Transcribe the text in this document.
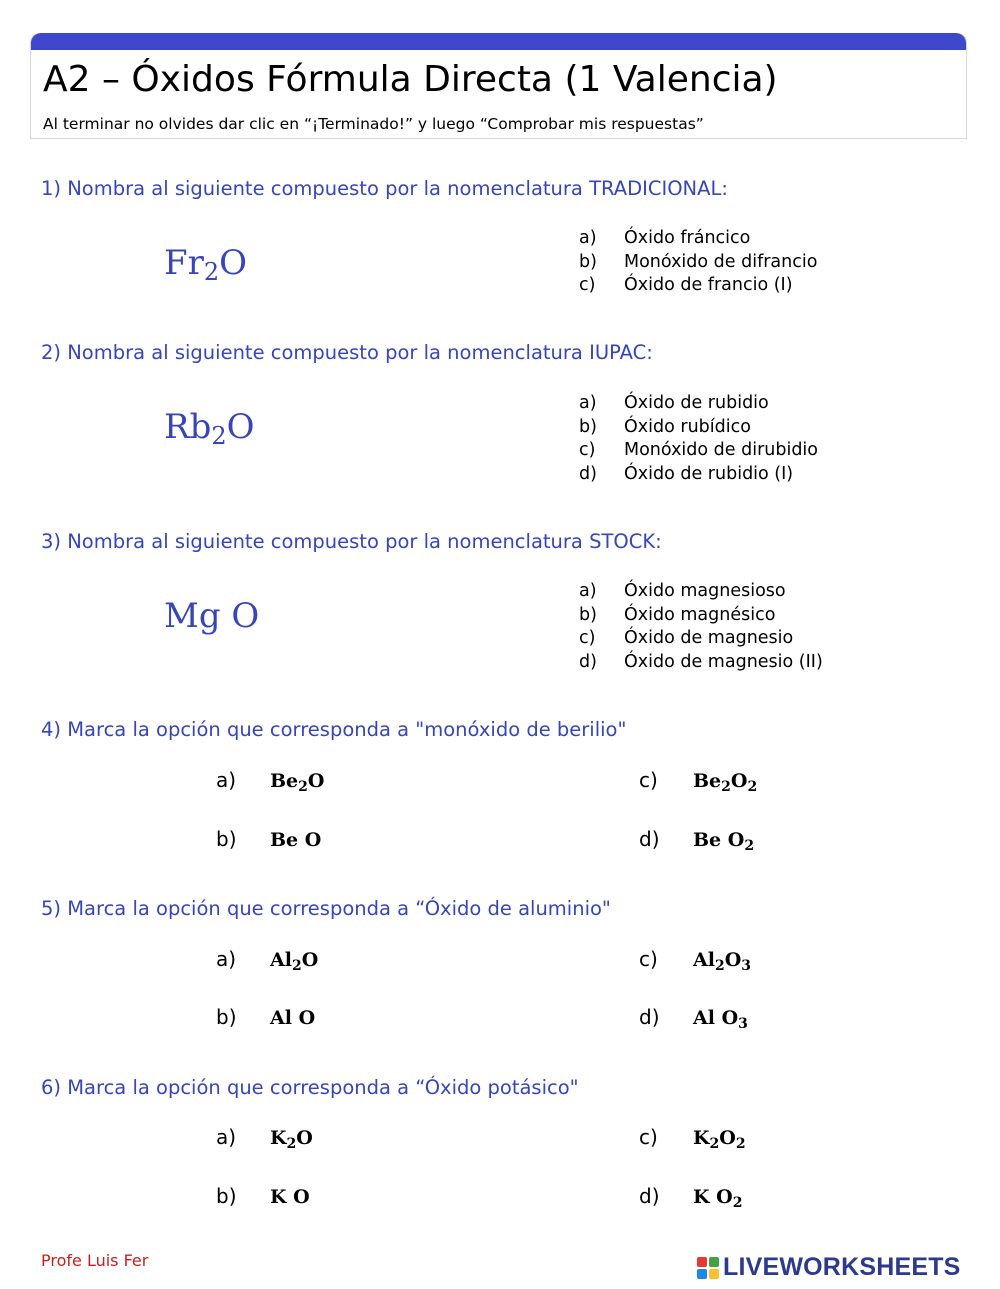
A2 – Óxidos Fórmula Directa (1 Valencia)
Al terminar no olvides dar clic en “¡Terminado!” y luego “Comprobar mis respuestas”
1) Nombra al siguiente compuesto por la nomenclatura TRADICIONAL:
$Fr_2O$
a) Óxido fráncico
b) Monóxido de difrancio
c) Óxido de francio (I)
2) Nombra al siguiente compuesto por la nomenclatura IUPAC:
$Rb_2O$
a) Óxido de rubidio
b) Óxido rubídico
c) Monóxido de dirubidio
d) Óxido de rubidio (I)
3) Nombra al siguiente compuesto por la nomenclatura STOCK:
Mg O
a) Óxido magnesioso
b) Óxido magnésico
c) Óxido de magnesio
d) Óxido de magnesio (II)
4) Marca la opción que corresponda a "monóxido de berilio"
a) $Be_2O$
b) Be O
c) $Be_2O_2$
d) Be $O_2$
5) Marca la opción que corresponda a “Óxido de aluminio"
a) $Al_2O$
b) Al O
c) $Al_2O_3$
d) Al $O_3$
6) Marca la opción que corresponda a “Óxido potásico"
a) $K_2O$
b) K O
c) $K_2O_2$
d) K $O_2$
Profe Luis Fer	LIVEWORKSHEETS
